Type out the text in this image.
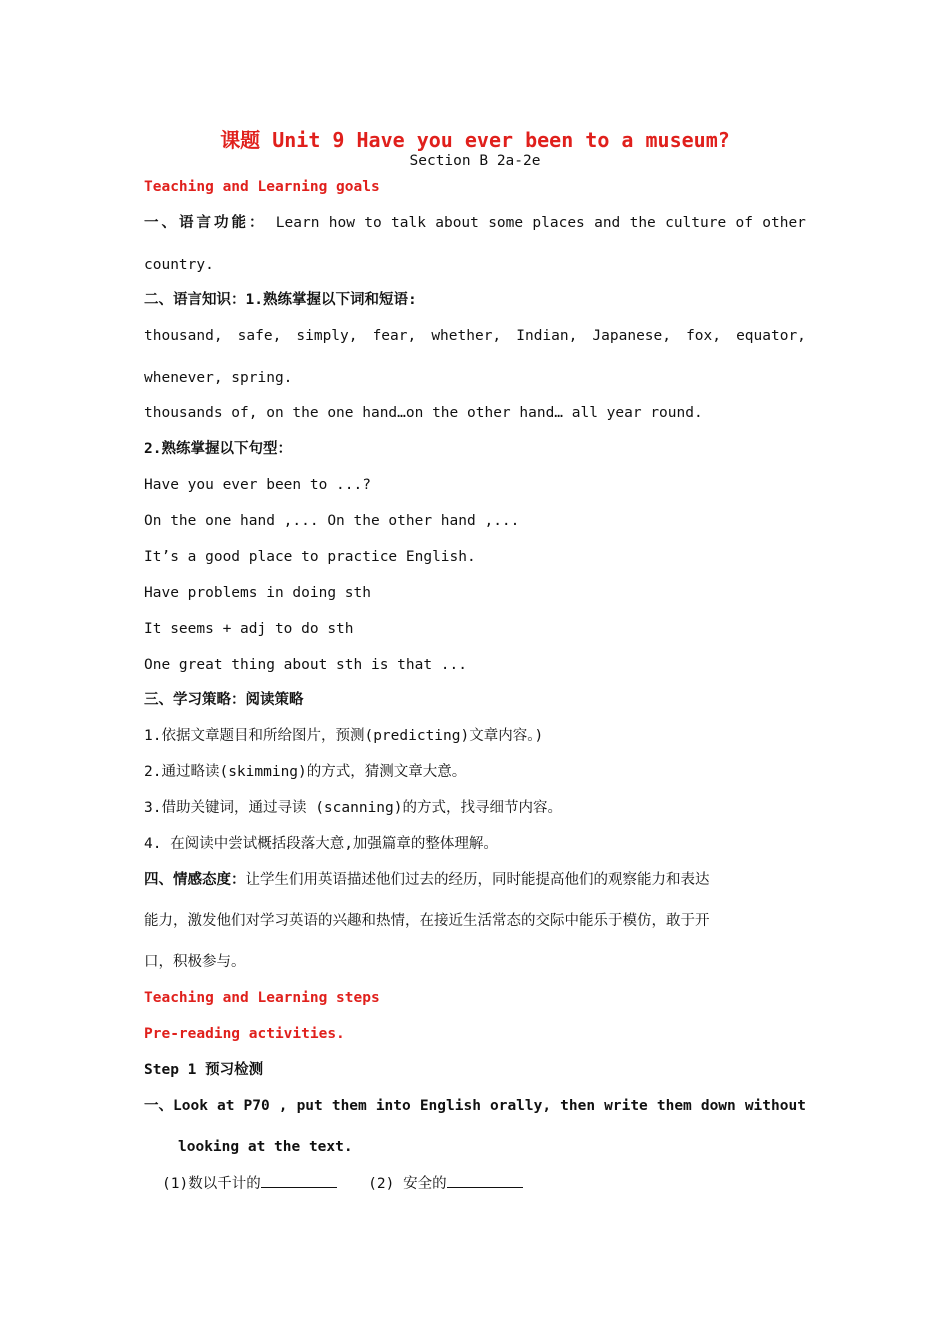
课题 Unit 9 Have you ever been to a museum?
Section B 2a-2e
Teaching and Learning goals
一、语言功能： Learn how to talk about some places and the culture of other
country.
二、语言知识：1.熟练掌握以下词和短语:
thousand, safe, simply, fear, whether, Indian, Japanese, fox, equator,
whenever, spring.
thousands of, on the one hand…on the other hand… all year round.
2.熟练掌握以下句型：
Have you ever been to ...?
On the one hand ,... On the other hand ,...
It’s a good place to practice English.
Have problems in doing sth
It seems + adj to do sth
One great thing about sth is that ...
三、学习策略：阅读策略
1.依据文章题目和所给图片，预测(predicting)文章内容。)
2.通过略读(skimming)的方式，猜测文章大意。
3.借助关键词，通过寻读 (scanning)的方式，找寻细节内容。
4. 在阅读中尝试概括段落大意,加强篇章的整体理解。
四、情感态度：让学生们用英语描述他们过去的经历，同时能提高他们的观察能力和表达
能力，激发他们对学习英语的兴趣和热情，在接近生活常态的交际中能乐于模仿，敢于开
口，积极参与。
Teaching and Learning steps
Pre-reading activities.
Step 1 预习检测
一、Look at P70 , put them into English orally, then write them down without
looking at the text.
(1)数以千计的	(2) 安全的
